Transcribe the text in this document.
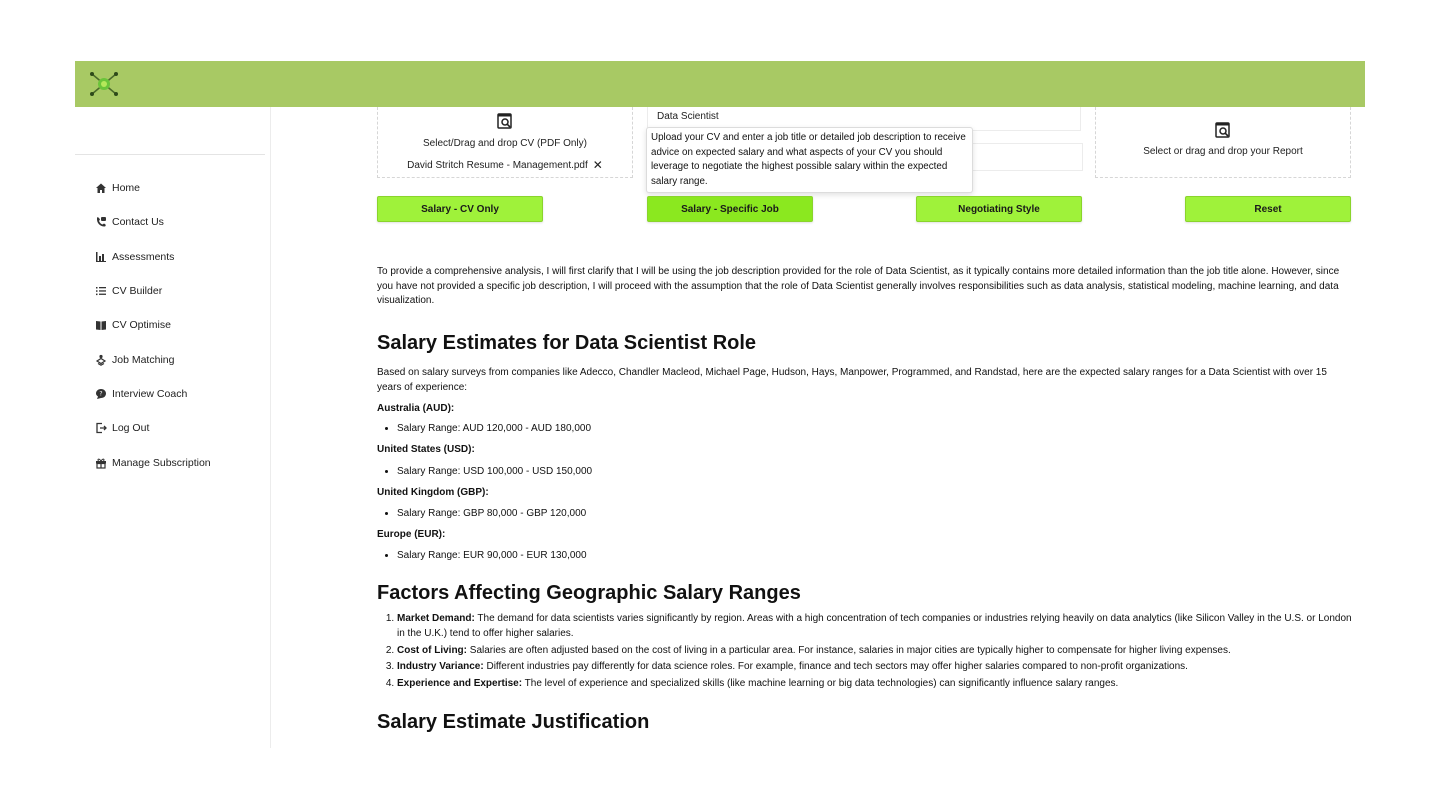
Home
Contact Us
Assessments
CV Builder
CV Optimise
Job Matching
? Interview Coach
Log Out
Manage Subscription
Select/Drag and drop CV (PDF Only)
David Stritch Resume - Management.pdf ✕
Data Scientist
Select or drag and drop your Report
Upload your CV and enter a job title or detailed job description to receive advice on expected salary and what aspects of your CV you should leverage to negotiate the highest possible salary within the expected salary range.
Salary - CV Only	Salary - Specific Job	Negotiating Style	Reset

To provide a comprehensive analysis, I will first clarify that I will be using the job description provided for the role of Data Scientist, as it typically contains more detailed information than the job title alone. However, since you have not provided a specific job description, I will proceed with the assumption that the role of Data Scientist generally involves responsibilities such as data analysis, statistical modeling, machine learning, and data visualization.

Salary Estimates for Data Scientist Role

Based on salary surveys from companies like Adecco, Chandler Macleod, Michael Page, Hudson, Hays, Manpower, Programmed, and Randstad, here are the expected salary ranges for a Data Scientist with over 15 years of experience:

Australia (AUD):
• Salary Range: AUD 120,000 - AUD 180,000
United States (USD):
• Salary Range: USD 100,000 - USD 150,000
United Kingdom (GBP):
• Salary Range: GBP 80,000 - GBP 120,000
Europe (EUR):
• Salary Range: EUR 90,000 - EUR 130,000
Factors Affecting Geographic Salary Ranges
1. Market Demand: The demand for data scientists varies significantly by region. Areas with a high concentration of tech companies or industries relying heavily on data analytics (like Silicon Valley in the U.S. or London in the U.K.) tend to offer higher salaries.
2. Cost of Living: Salaries are often adjusted based on the cost of living in a particular area. For instance, salaries in major cities are typically higher to compensate for higher living expenses.
3. Industry Variance: Different industries pay differently for data science roles. For example, finance and tech sectors may offer higher salaries compared to non-profit organizations.
4. Experience and Expertise: The level of experience and specialized skills (like machine learning or big data technologies) can significantly influence salary ranges.
Salary Estimate Justification
